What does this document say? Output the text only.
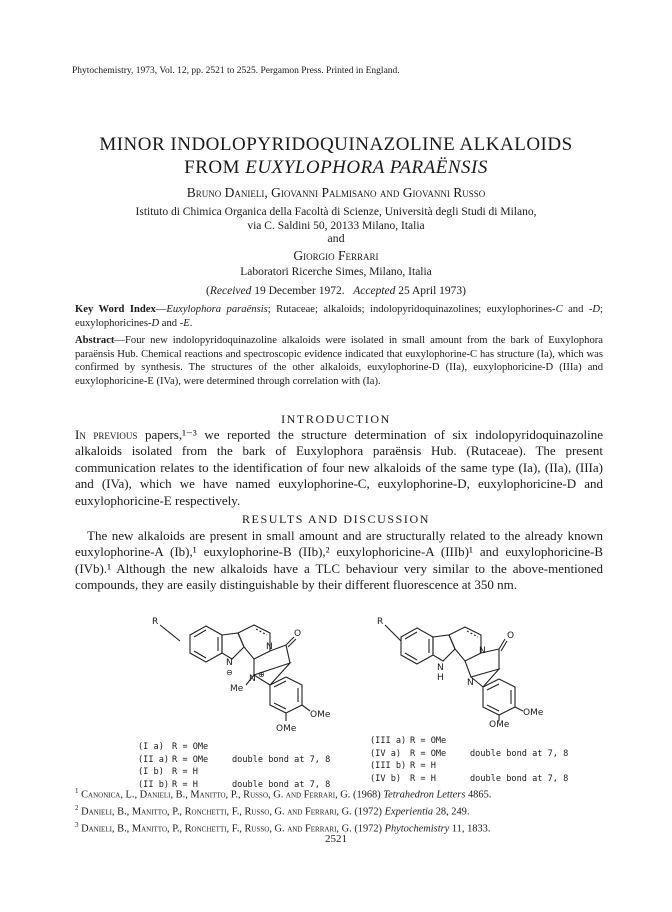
Phytochemistry, 1973, Vol. 12, pp. 2521 to 2525. Pergamon Press. Printed in England.
MINOR INDOLOPYRIDOQUINAZOLINE ALKALOIDS
FROM EUXYLOPHORA PARAËNSIS
Bruno Danieli, Giovanni Palmisano and Giovanni Russo
Istituto di Chimica Organica della Facoltà di Scienze, Università degli Studi di Milano,
via C. Saldini 50, 20133 Milano, Italia
and
Giorgio Ferrari
Laboratori Ricerche Simes, Milano, Italia
(Received 19 December 1972.   Accepted 25 April 1973)
Key Word Index—Euxylophora paraënsis; Rutaceae; alkaloids; indolopyridoquinazolines; euxylophorines-C and -D; euxylophoricines-D and -E.
Abstract—Four new indolopyridoquinazoline alkaloids were isolated in small amount from the bark of Euxylophora paraënsis Hub. Chemical reactions and spectroscopic evidence indicated that euxylophorine-C has structure (Ia), which was confirmed by synthesis. The structures of the other alkaloids, euxylophorine-D (IIa), euxylophoricine-D (IIIa) and euxylophoricine-E (IVa), were determined through correlation with (Ia).
INTRODUCTION
In previous papers,¹⁻³ we reported the structure determination of six indolopyridoquinazoline alkaloids isolated from the bark of Euxylophora paraënsis Hub. (Rutaceae). The present communication relates to the identification of four new alkaloids of the same type (Ia), (IIa), (IIIa) and (IVa), which we have named euxylophorine-C, euxylophorine-D, euxylophoricine-D and euxylophoricine-E respectively.
RESULTS AND DISCUSSION
The new alkaloids are present in small amount and are structurally related to the already known euxylophorine-A (Ib),¹ euxylophorine-B (IIb),² euxylophoricine-A (IIIb)¹ and euxylophoricine-B (IVb).¹ Although the new alkaloids have a TLC behaviour very similar to the above-mentioned compounds, they are easily distinguishable by their different fluorescence at 350 nm.
R
N
⊖
N
N ⊕
O
Me
OMe
OMe
R
N
H
N
N
O
OMe
OMe
(I a) R = OMe
(II a) R = OMe	double bond at 7, 8
(I b) R = H
(II b) R = H	double bond at 7, 8
(III a) R = OMe
(IV a) R = OMe	double bond at 7, 8
(III b) R = H
(IV b) R = H	double bond at 7, 8
$^1$ Canonica, L., Danieli, B., Manitto, P., Russo, G. and Ferrari, G. (1968) Tetrahedron Letters 4865.
$^2$ Danieli, B., Manitto, P., Ronchetti, F., Russo, G. and Ferrari, G. (1972) Experientia 28, 249.
$^3$ Danieli, B., Manitto, P., Ronchetti, F., Russo, G. and Ferrari, G. (1972) Phytochemistry 11, 1833.
2521
